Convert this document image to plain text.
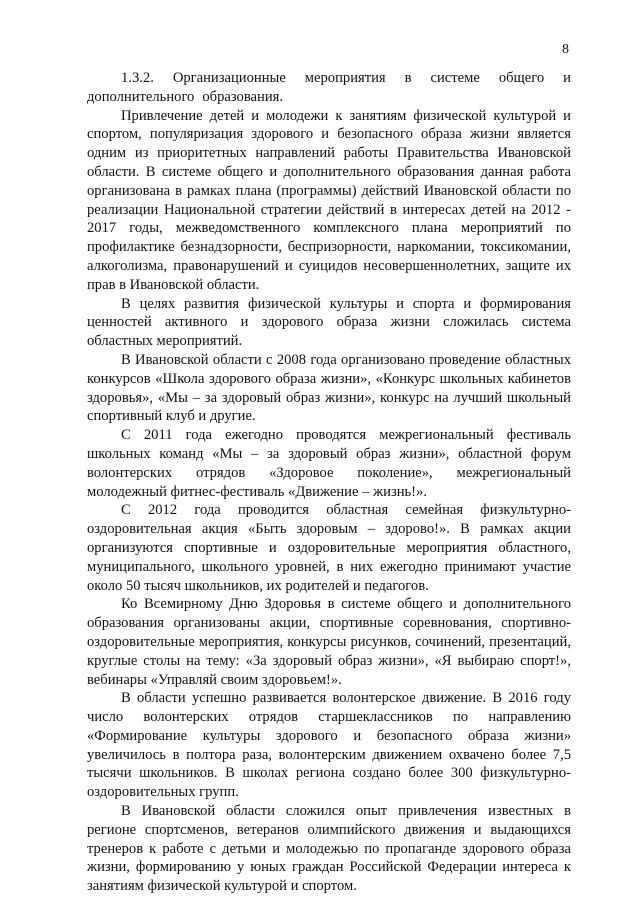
8

1.3.2. Организационные мероприятия в системе общего и дополнительного образования.

Привлечение детей и молодежи к занятиям физической культурой и спортом, популяризация здорового и безопасного образа жизни является одним из приоритетных направлений работы Правительства Ивановской области. В системе общего и дополнительного образования данная работа организована в рамках плана (программы) действий Ивановской области по реализации Национальной стратегии действий в интересах детей на 2012 - 2017 годы, межведомственного комплексного плана мероприятий по профилактике безнадзорности, беспризорности, наркомании, токсикомании, алкоголизма, правонарушений и суицидов несовершеннолетних, защите их прав в Ивановской области.

В целях развития физической культуры и спорта и формирования ценностей активного и здорового образа жизни сложилась система областных мероприятий.

В Ивановской области с 2008 года организовано проведение областных конкурсов «Школа здорового образа жизни», «Конкурс школьных кабинетов здоровья», «Мы – за здоровый образ жизни», конкурс на лучший школьный спортивный клуб и другие.

С 2011 года ежегодно проводятся межрегиональный фестиваль школьных команд «Мы – за здоровый образ жизни», областной форум волонтерских отрядов «Здоровое поколение», межрегиональный молодежный фитнес-фестиваль «Движение – жизнь!».

С 2012 года проводится областная семейная физкультурно-оздоровительная акция «Быть здоровым – здорово!». В рамках акции организуются спортивные и оздоровительные мероприятия областного, муниципального, школьного уровней, в них ежегодно принимают участие около 50 тысяч школьников, их родителей и педагогов.

Ко Всемирному Дню Здоровья в системе общего и дополнительного образования организованы акции, спортивные соревнования, спортивно-оздоровительные мероприятия, конкурсы рисунков, сочинений, презентаций, круглые столы на тему: «За здоровый образ жизни», «Я выбираю спорт!», вебинары «Управляй своим здоровьем!».

В области успешно развивается волонтерское движение. В 2016 году число волонтерских отрядов старшеклассников по направлению «Формирование культуры здорового и безопасного образа жизни» увеличилось в полтора раза, волонтерским движением охвачено более 7,5 тысячи школьников. В школах региона создано более 300 физкультурно-оздоровительных групп.

В Ивановской области сложился опыт привлечения известных в регионе спортсменов, ветеранов олимпийского движения и выдающихся тренеров к работе с детьми и молодежью по пропаганде здорового образа жизни, формированию у юных граждан Российской Федерации интереса к занятиям физической культурой и спортом.
